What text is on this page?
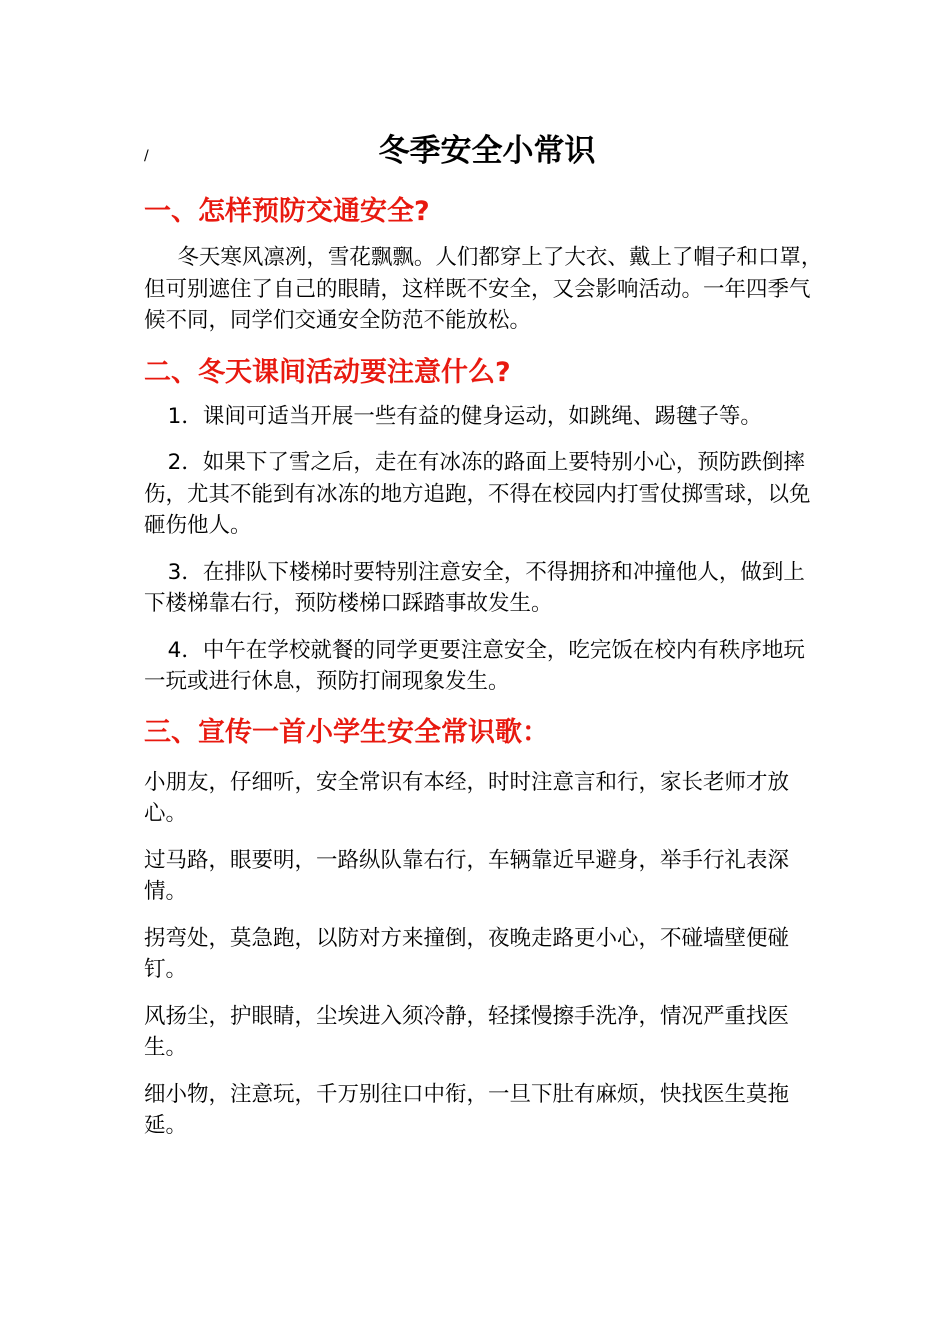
/	冬季安全小常识
一、怎样预防交通安全?

冬天寒风凛冽，雪花飘飘。人们都穿上了大衣、戴上了帽子和口罩，但可别遮住了自己的眼睛，这样既不安全，又会影响活动。一年四季气候不同，同学们交通安全防范不能放松。

二、冬天课间活动要注意什么?

1．课间可适当开展一些有益的健身运动，如跳绳、踢毽子等。

2．如果下了雪之后，走在有冰冻的路面上要特别小心，预防跌倒摔伤，尤其不能到有冰冻的地方追跑，不得在校园内打雪仗掷雪球，以免砸伤他人。

3．在排队下楼梯时要特别注意安全，不得拥挤和冲撞他人，做到上下楼梯靠右行，预防楼梯口踩踏事故发生。

4．中午在学校就餐的同学更要注意安全，吃完饭在校内有秩序地玩一玩或进行休息，预防打闹现象发生。

三、宣传一首小学生安全常识歌：

小朋友，仔细听，安全常识有本经，时时注意言和行，家长老师才放心。

过马路，眼要明，一路纵队靠右行，车辆靠近早避身，举手行礼表深情。

拐弯处，莫急跑，以防对方来撞倒，夜晚走路更小心，不碰墙壁便碰钉。

风扬尘，护眼睛，尘埃进入须冷静，轻揉慢擦手洗净，情况严重找医生。

细小物，注意玩，千万别往口中衔，一旦下肚有麻烦，快找医生莫拖延。
